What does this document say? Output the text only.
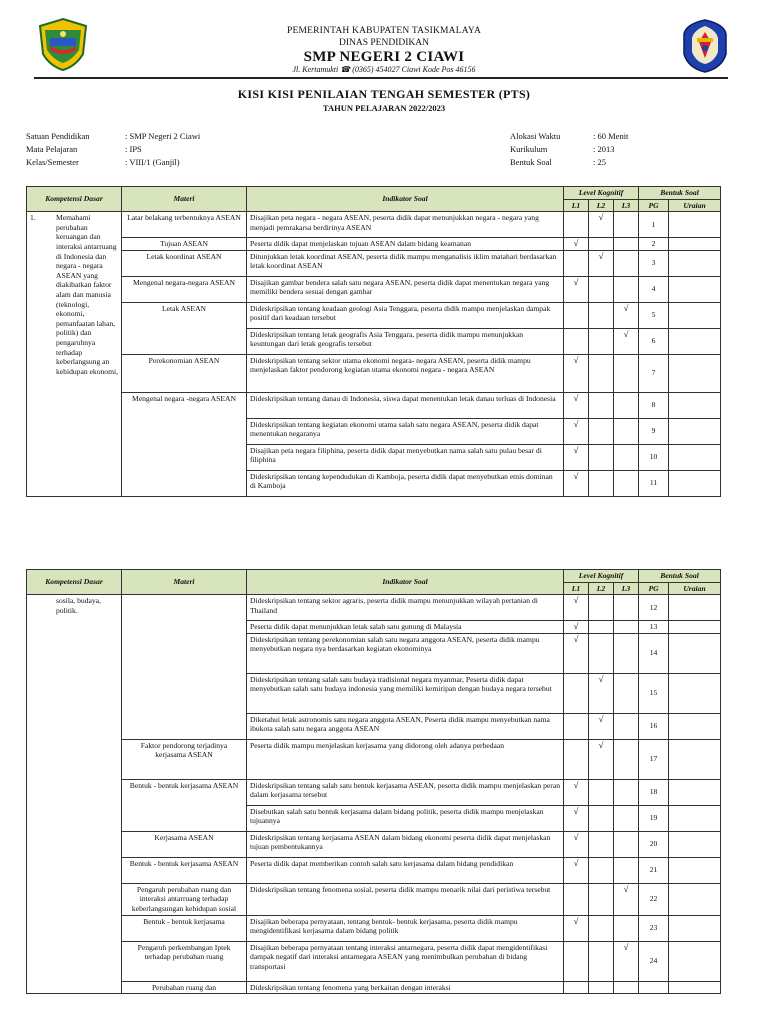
PEMERINTAH KABUPATEN TASIKMALAYA
DINAS PENDIDIKAN
SMP NEGERI 2 CIAWI
Jl. Kertamukti ☎ (0365) 454027 Ciawi Kode Pos 46156
KISI KISI PENILAIAN TENGAH SEMESTER (PTS)
TAHUN PELAJARAN 2022/2023
Satuan Pendidikan	: SMP Negeri 2 Ciawi
Mata Pelajaran	: IPS
Kelas/Semester	: VIII/1 (Ganjil)
Alokasi Waktu	: 60 Menit
Kurikulum	: 2013
Bentuk Soal	: 25
Kompetensi Dasar	Materi	Indikator Soal	Level Kognitif			Bentuk Soal	
			L1	L2	L3	PG	Uraian

1. Memahami perubahan keruangan dan interaksi antarruang di Indonesia dan negara - negara ASEAN yang diakibatkan faktor alam dan manusia (teknologi, ekonomi, pemanfaatan lahan, politik) dan pengaruhnya terhadap keberlangsung an kehidupan ekonomi,	Latar belakang terbentuknya ASEAN	Disajikan peta negara - negara ASEAN, peserta didik dapat menunjukkan negara - negara yang menjadi pemrakarsa berdirinya ASEAN		√		1	
	Tujuan ASEAN	Peserta didik dapat menjelaskan tujuan ASEAN dalam bidang keamanan	√			2	
	Letak koordinat ASEAN	Ditunjukkan letak koordinat ASEAN, peserta didik mampu menganalisis iklim matahari berdasarkan letak koordinat ASEAN		√		3	
	Mengenal negara-negara ASEAN	Disajikan gambar bendera salah satu negara ASEAN, peserta didik dapat menentukan negara yang memiliki bendera sesuai dengan gambar	√			4	
	Letak ASEAN	Dideskripsikan tentang keadaan geologi Asia Tenggara, peserta didik mampu menjelaskan dampak positif dari keadaan tersebut			√	5	
		Dideskripsikan tentang letak geografis Asia Tenggara, peserta didik mampu menunjukkan keuntungan dari letak geografis tersebut			√	6	
	Perekonomian ASEAN	Dideskripsikan tentang sektor utama ekonomi negara- negara ASEAN, peserta didik mampu menjelaskan faktor pendorong kegiatan utama ekonomi negara - negara ASEAN	√			7	
	Mengenal negara -negara ASEAN	Dideskripsikan tentang danau di Indonesia, siswa dapat menentukan letak danau terluas di Indonesia	√			8	
		Dideskripsikan tentang kegiatan ekonomi utama salah satu negara ASEAN, peserta didik dapat menentukan negaranya	√			9	
		Disajikan peta negara filiphina, peserta didik dapat menyebutkan nama salah satu pulau besar di filiphina	√			10	
		Dideskripsikan tentang kependudukan di Kamboja, peserta didik dapat menyebutkan etnis dominan di Kamboja	√			11	
Kompetensi Dasar	Materi	Indikator Soal	Level Kognitif			Bentuk Soal	
			L1	L2	L3	PG	Uraian

sosila, budaya, politik.		Dideskripsikan tentang sektor agraris, peserta didik mampu menunjukkan wilayah pertanian di Thailand	√			12	
		Peserta didik dapat menunjukkan letak salah satu gunung di Malaysia	√			13	
		Dideskripsikan tentang perekonomian salah satu negara anggota ASEAN, peserta didik mampu menyebutkan negara nya berdasarkan kegiatan ekonominya	√			14	
		Dideskripsikan tentang salah satu budaya tradisional negara myanmar, Peserta didik dapat menyebutkan salah satu budaya indonesia yang memiliki kemiripan dengan budaya negara tersebut		√		15	
		Diketahui letak astronomis satu negara anggota ASEAN, Peserta didik mampu menyebutkan nama ibukota salah satu negara anggota ASEAN		√		16	
	Faktor pendorong terjadinya kerjasama ASEAN	Peserta didik mampu menjelaskan kerjasama yang didorong oleh adanya perbedaan		√		17	
	Bentuk - bentuk kerjasama ASEAN	Dideskripsikan tentang salah satu bentuk kerjasama ASEAN, peserta didik mampu menjelaskan peran dalam kerjasama tersebut	√			18	
		Disebutkan salah satu bentuk kerjasama dalam bidang politik, peserta didik mampu menjelaskan tujuannya	√			19	
	Kerjasama ASEAN	Dideskripsikan tentang kerjasama ASEAN dalam bidang ekonomi peserta didik dapat menjelaskan tujuan pembentukannya	√			20	
	Bentuk - bentuk kerjasama ASEAN	Peserta didik dapat memberikan contoh salah satu kerjasama dalam bidang pendidikan	√			21	
	Pengaruh perubahan ruang dan interaksi antarruang terhadap keberlangsungan kehidupan sosial	Dideskripsikan tentang fenomena sosial, peserta didik mampu menarik nilai dari peristiwa tersebut			√	22	
	Bentuk - bentuk kerjasama	Disajikan beberapa pernyataan, tentang bentuk- bentuk kerjasama, peserta didik mampu mengidentifikasi kerjasama dalam bidang politik	√			23	
	Pengaruh perkembangan Iptek terhadap perubahan ruang	Disajikan beberapa pernyataan tentang interaksi antarnegara, peserta didik dapat mengidentifikasi dampak negatif dari interaksi antarnegara ASEAN yang menimbulkan perubahan di bidang transportasi			√	24	
	Perubahan ruang dan	Dideskripsikan tentang fenomena yang berkaitan dengan interaksi					
